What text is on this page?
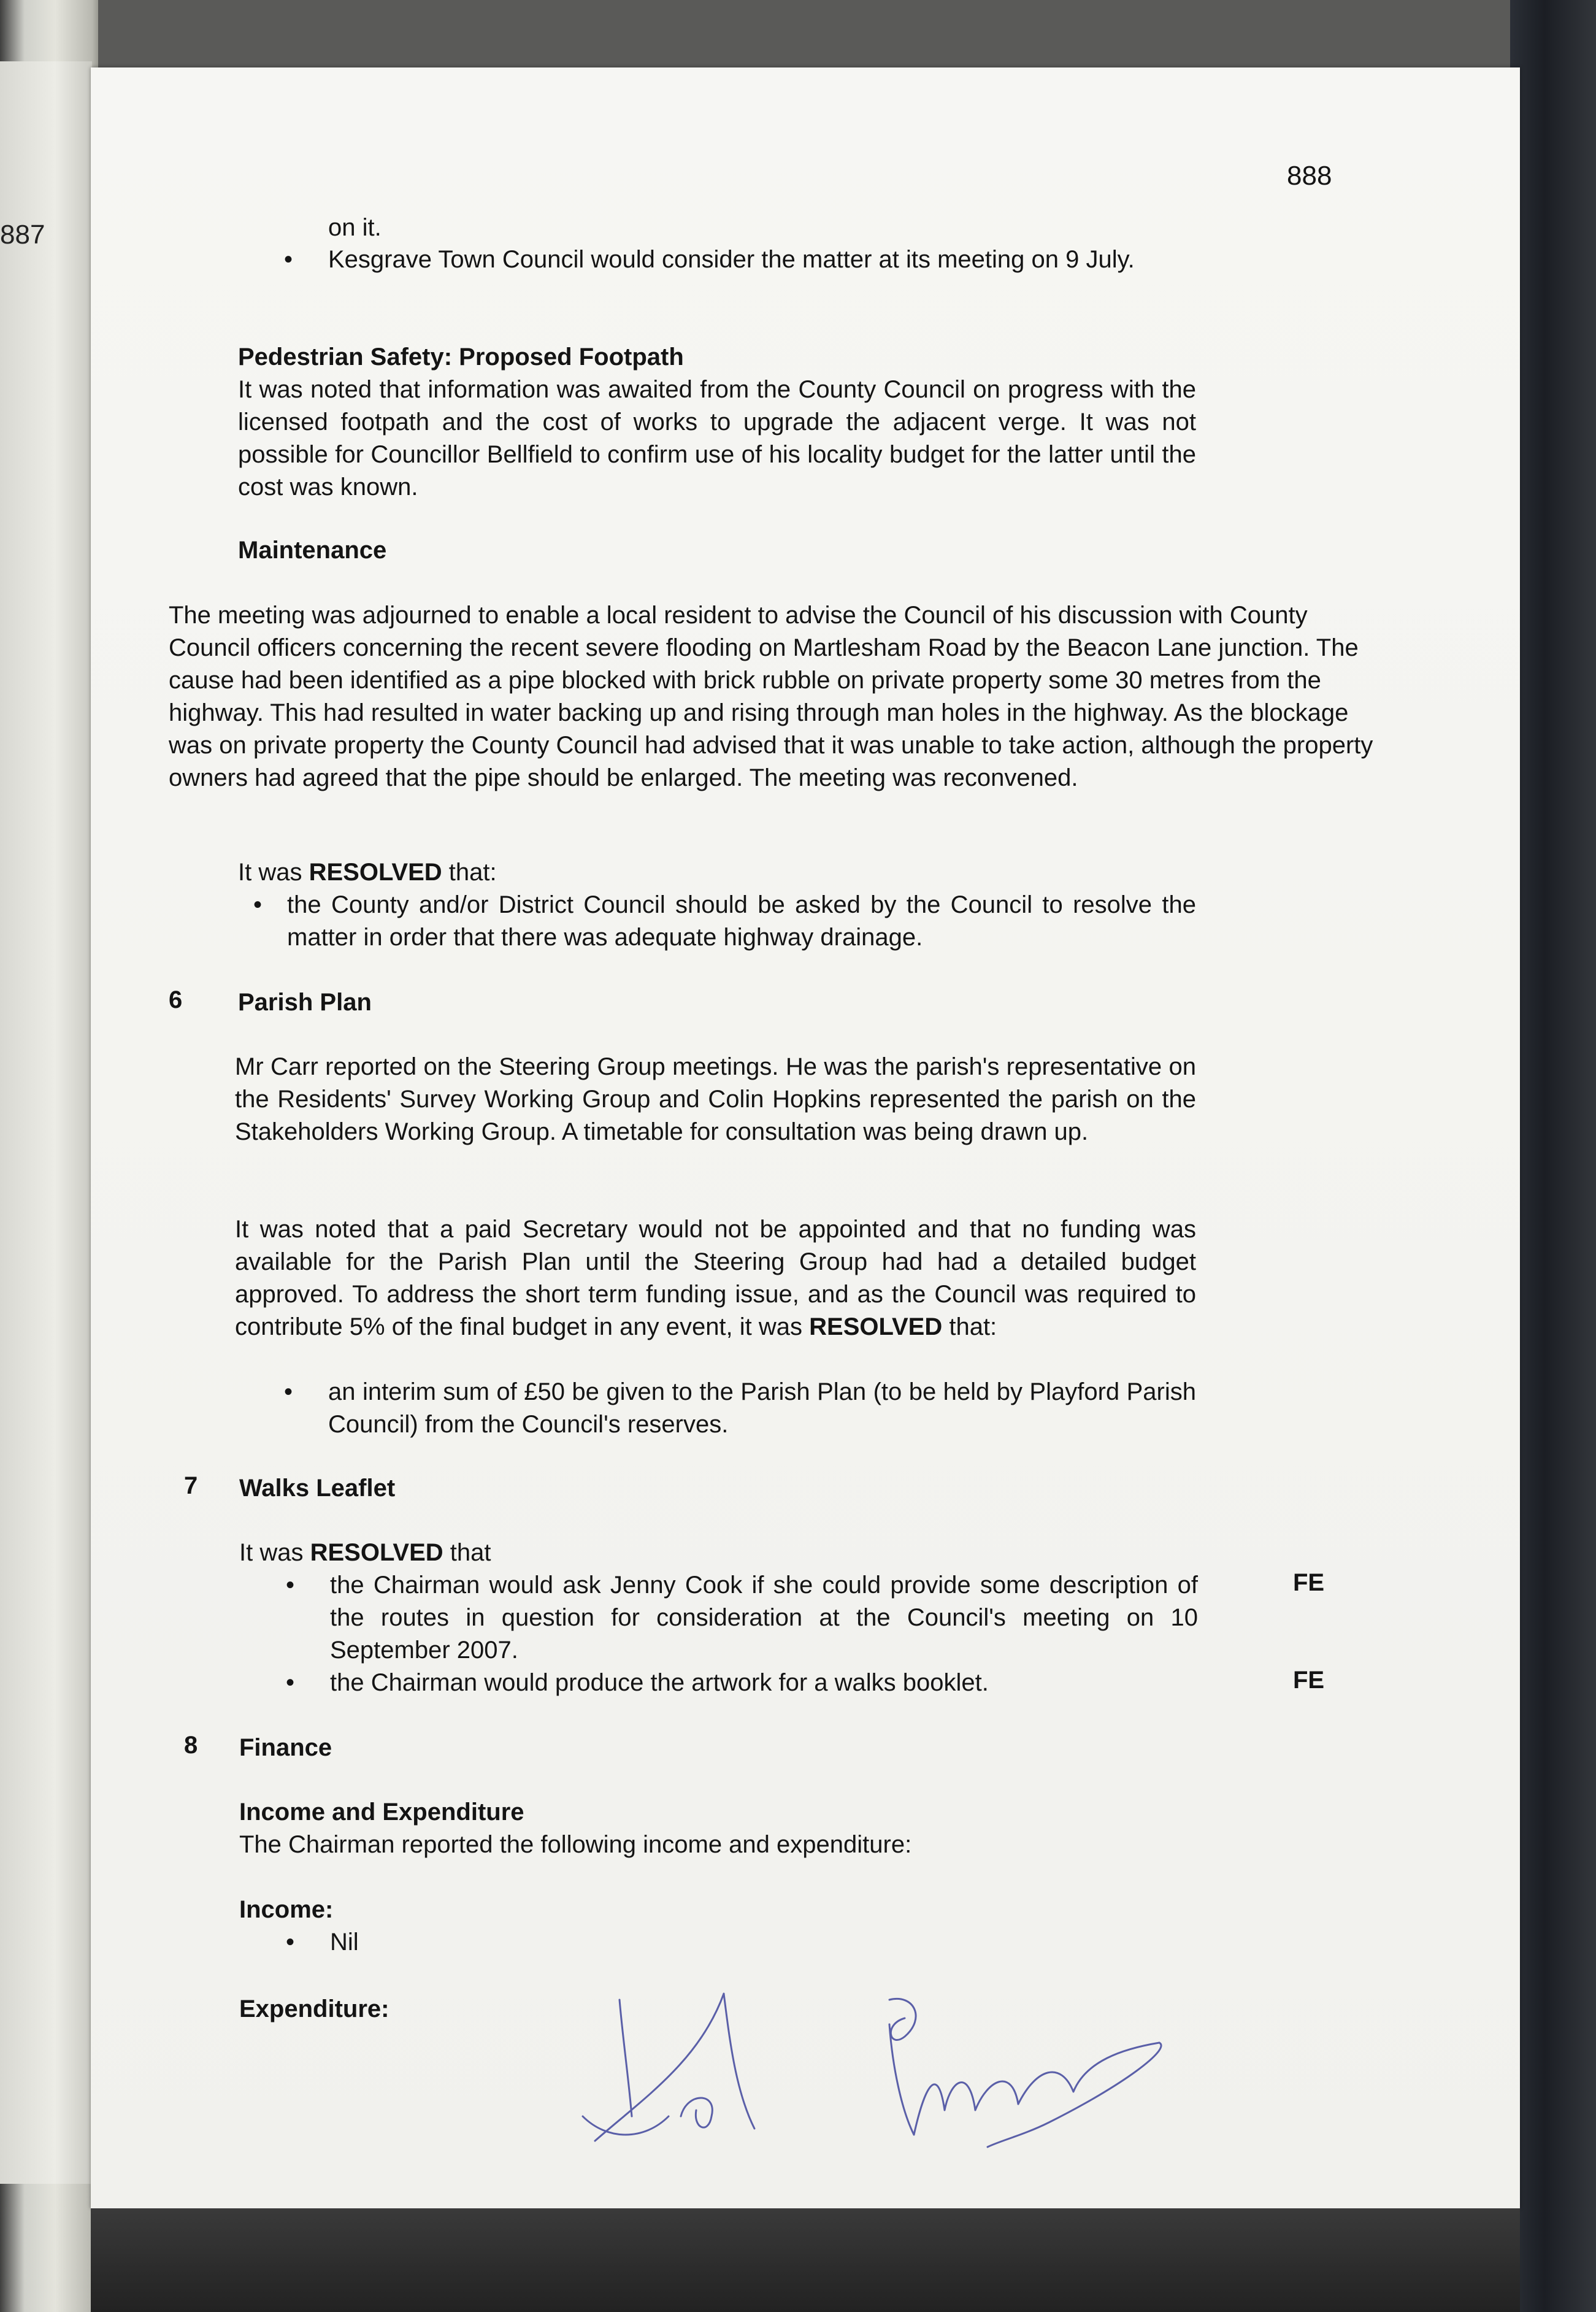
887
888
on it.
• Kesgrave Town Council would consider the matter at its meeting on 9 July.
Pedestrian Safety: Proposed Footpath
It was noted that information was awaited from the County Council on progress with the licensed footpath and the cost of works to upgrade the adjacent verge. It was not possible for Councillor Bellfield to confirm use of his locality budget for the latter until the cost was known.
Maintenance
The meeting was adjourned to enable a local resident to advise the Council of his discussion with County Council officers concerning the recent severe flooding on Martlesham Road by the Beacon Lane junction. The cause had been identified as a pipe blocked with brick rubble on private property some 30 metres from the highway. This had resulted in water backing up and rising through man holes in the highway. As the blockage was on private property the County Council had advised that it was unable to take action, although the property owners had agreed that the pipe should be enlarged. The meeting was reconvened.
It was RESOLVED that:
• the County and/or District Council should be asked by the Council to resolve the matter in order that there was adequate highway drainage.
6 Parish Plan
Mr Carr reported on the Steering Group meetings. He was the parish's representative on the Residents' Survey Working Group and Colin Hopkins represented the parish on the Stakeholders Working Group. A timetable for consultation was being drawn up.
It was noted that a paid Secretary would not be appointed and that no funding was available for the Parish Plan until the Steering Group had had a detailed budget approved. To address the short term funding issue, and as the Council was required to contribute 5% of the final budget in any event, it was RESOLVED that:
• an interim sum of £50 be given to the Parish Plan (to be held by Playford Parish Council) from the Council's reserves.
7 Walks Leaflet
It was RESOLVED that
• the Chairman would ask Jenny Cook if she could provide some description of the routes in question for consideration at the Council's meeting on 10 September 2007.
FE
• the Chairman would produce the artwork for a walks booklet.	FE
8 Finance
Income and Expenditure
The Chairman reported the following income and expenditure:
Income:
• Nil
Expenditure:
